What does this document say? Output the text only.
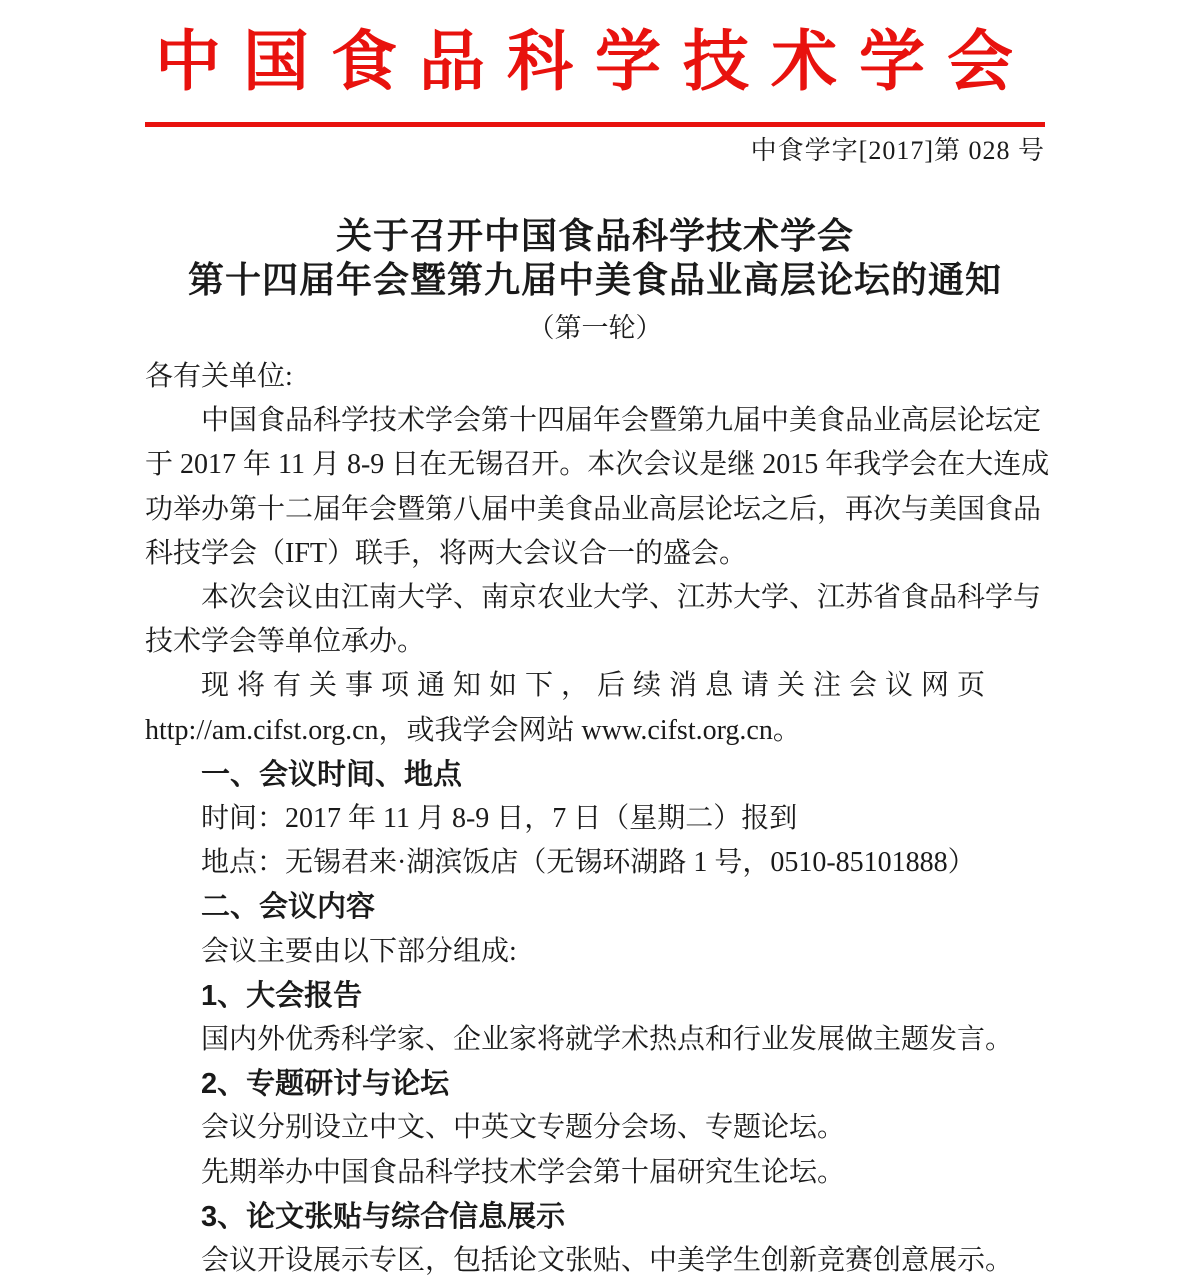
中国食品科学技术学会
中食学字[2017]第 028 号
关于召开中国食品科学技术学会
第十四届年会暨第九届中美食品业高层论坛的通知
（第一轮）
各有关单位:
中国食品科学技术学会第十四届年会暨第九届中美食品业高层论坛定
于 2017 年 11 月 8-9 日在无锡召开。本次会议是继 2015 年我学会在大连成
功举办第十二届年会暨第八届中美食品业高层论坛之后，再次与美国食品
科技学会（IFT）联手，将两大会议合一的盛会。
本次会议由江南大学、南京农业大学、江苏大学、江苏省食品科学与
技术学会等单位承办。
现将有关事项通知如下，后续消息请关注会议网页
http://am.cifst.org.cn，或我学会网站 www.cifst.org.cn。
一、会议时间、地点
时间：2017 年 11 月 8-9 日，7 日（星期二）报到
地点：无锡君来·湖滨饭店（无锡环湖路 1 号，0510-85101888）
二、会议内容
会议主要由以下部分组成:
1、大会报告
国内外优秀科学家、企业家将就学术热点和行业发展做主题发言。
2、专题研讨与论坛
会议分别设立中文、中英文专题分会场、专题论坛。
先期举办中国食品科学技术学会第十届研究生论坛。
3、论文张贴与综合信息展示
会议开设展示专区，包括论文张贴、中美学生创新竞赛创意展示。
